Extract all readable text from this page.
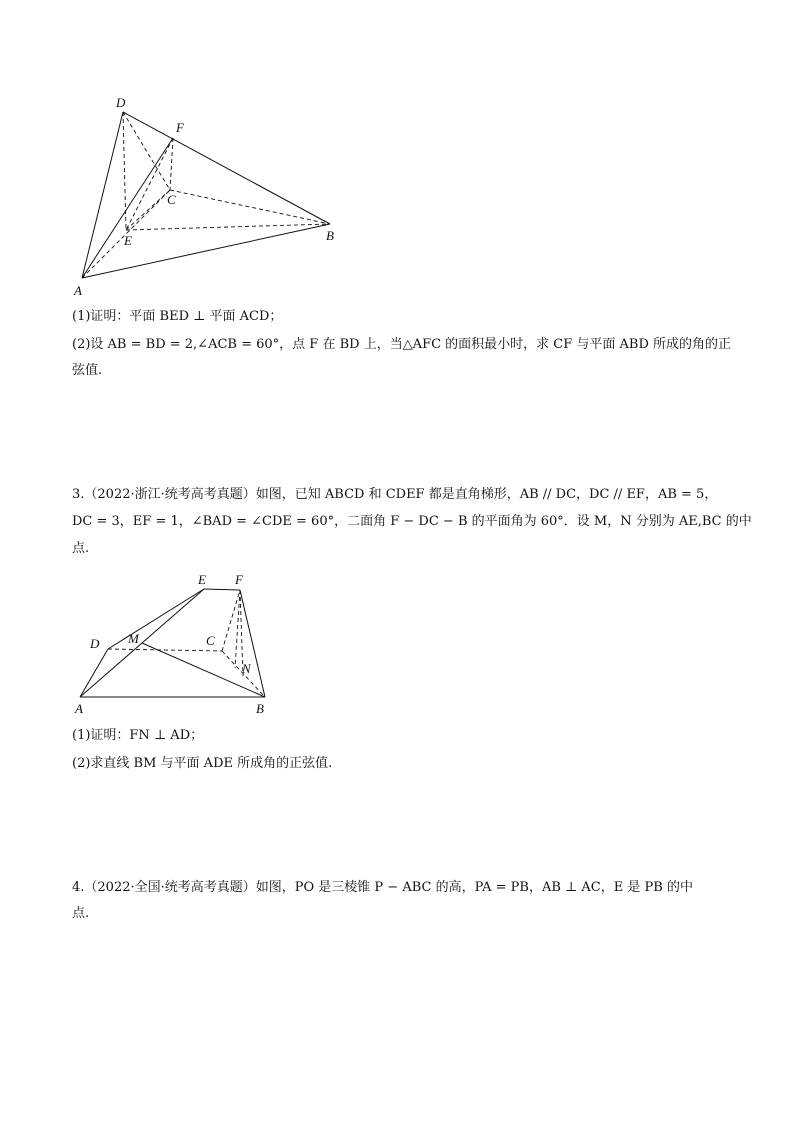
D
F
C
B
E
A
(1)证明：平面 BED ⊥ 平面 ACD；
(2)设 AB = BD = 2,∠ACB = 60°，点 F 在 BD 上，当△AFC 的面积最小时，求 CF 与平面 ABD 所成的角的正
弦值.
3.（2022·浙江·统考高考真题）如图，已知 ABCD 和 CDEF 都是直角梯形，AB // DC，DC // EF，AB = 5，
DC = 3，EF = 1，∠BAD = ∠CDE = 60°，二面角 F − DC − B 的平面角为 60°．设 M，N 分别为 AE,BC 的中
点.
E F
D M	C
N
A	B
(1)证明：FN ⊥ AD；
(2)求直线 BM 与平面 ADE 所成角的正弦值.
4.（2022·全国·统考高考真题）如图，PO 是三棱锥 P − ABC 的高，PA = PB，AB ⊥ AC，E 是 PB 的中
点.
